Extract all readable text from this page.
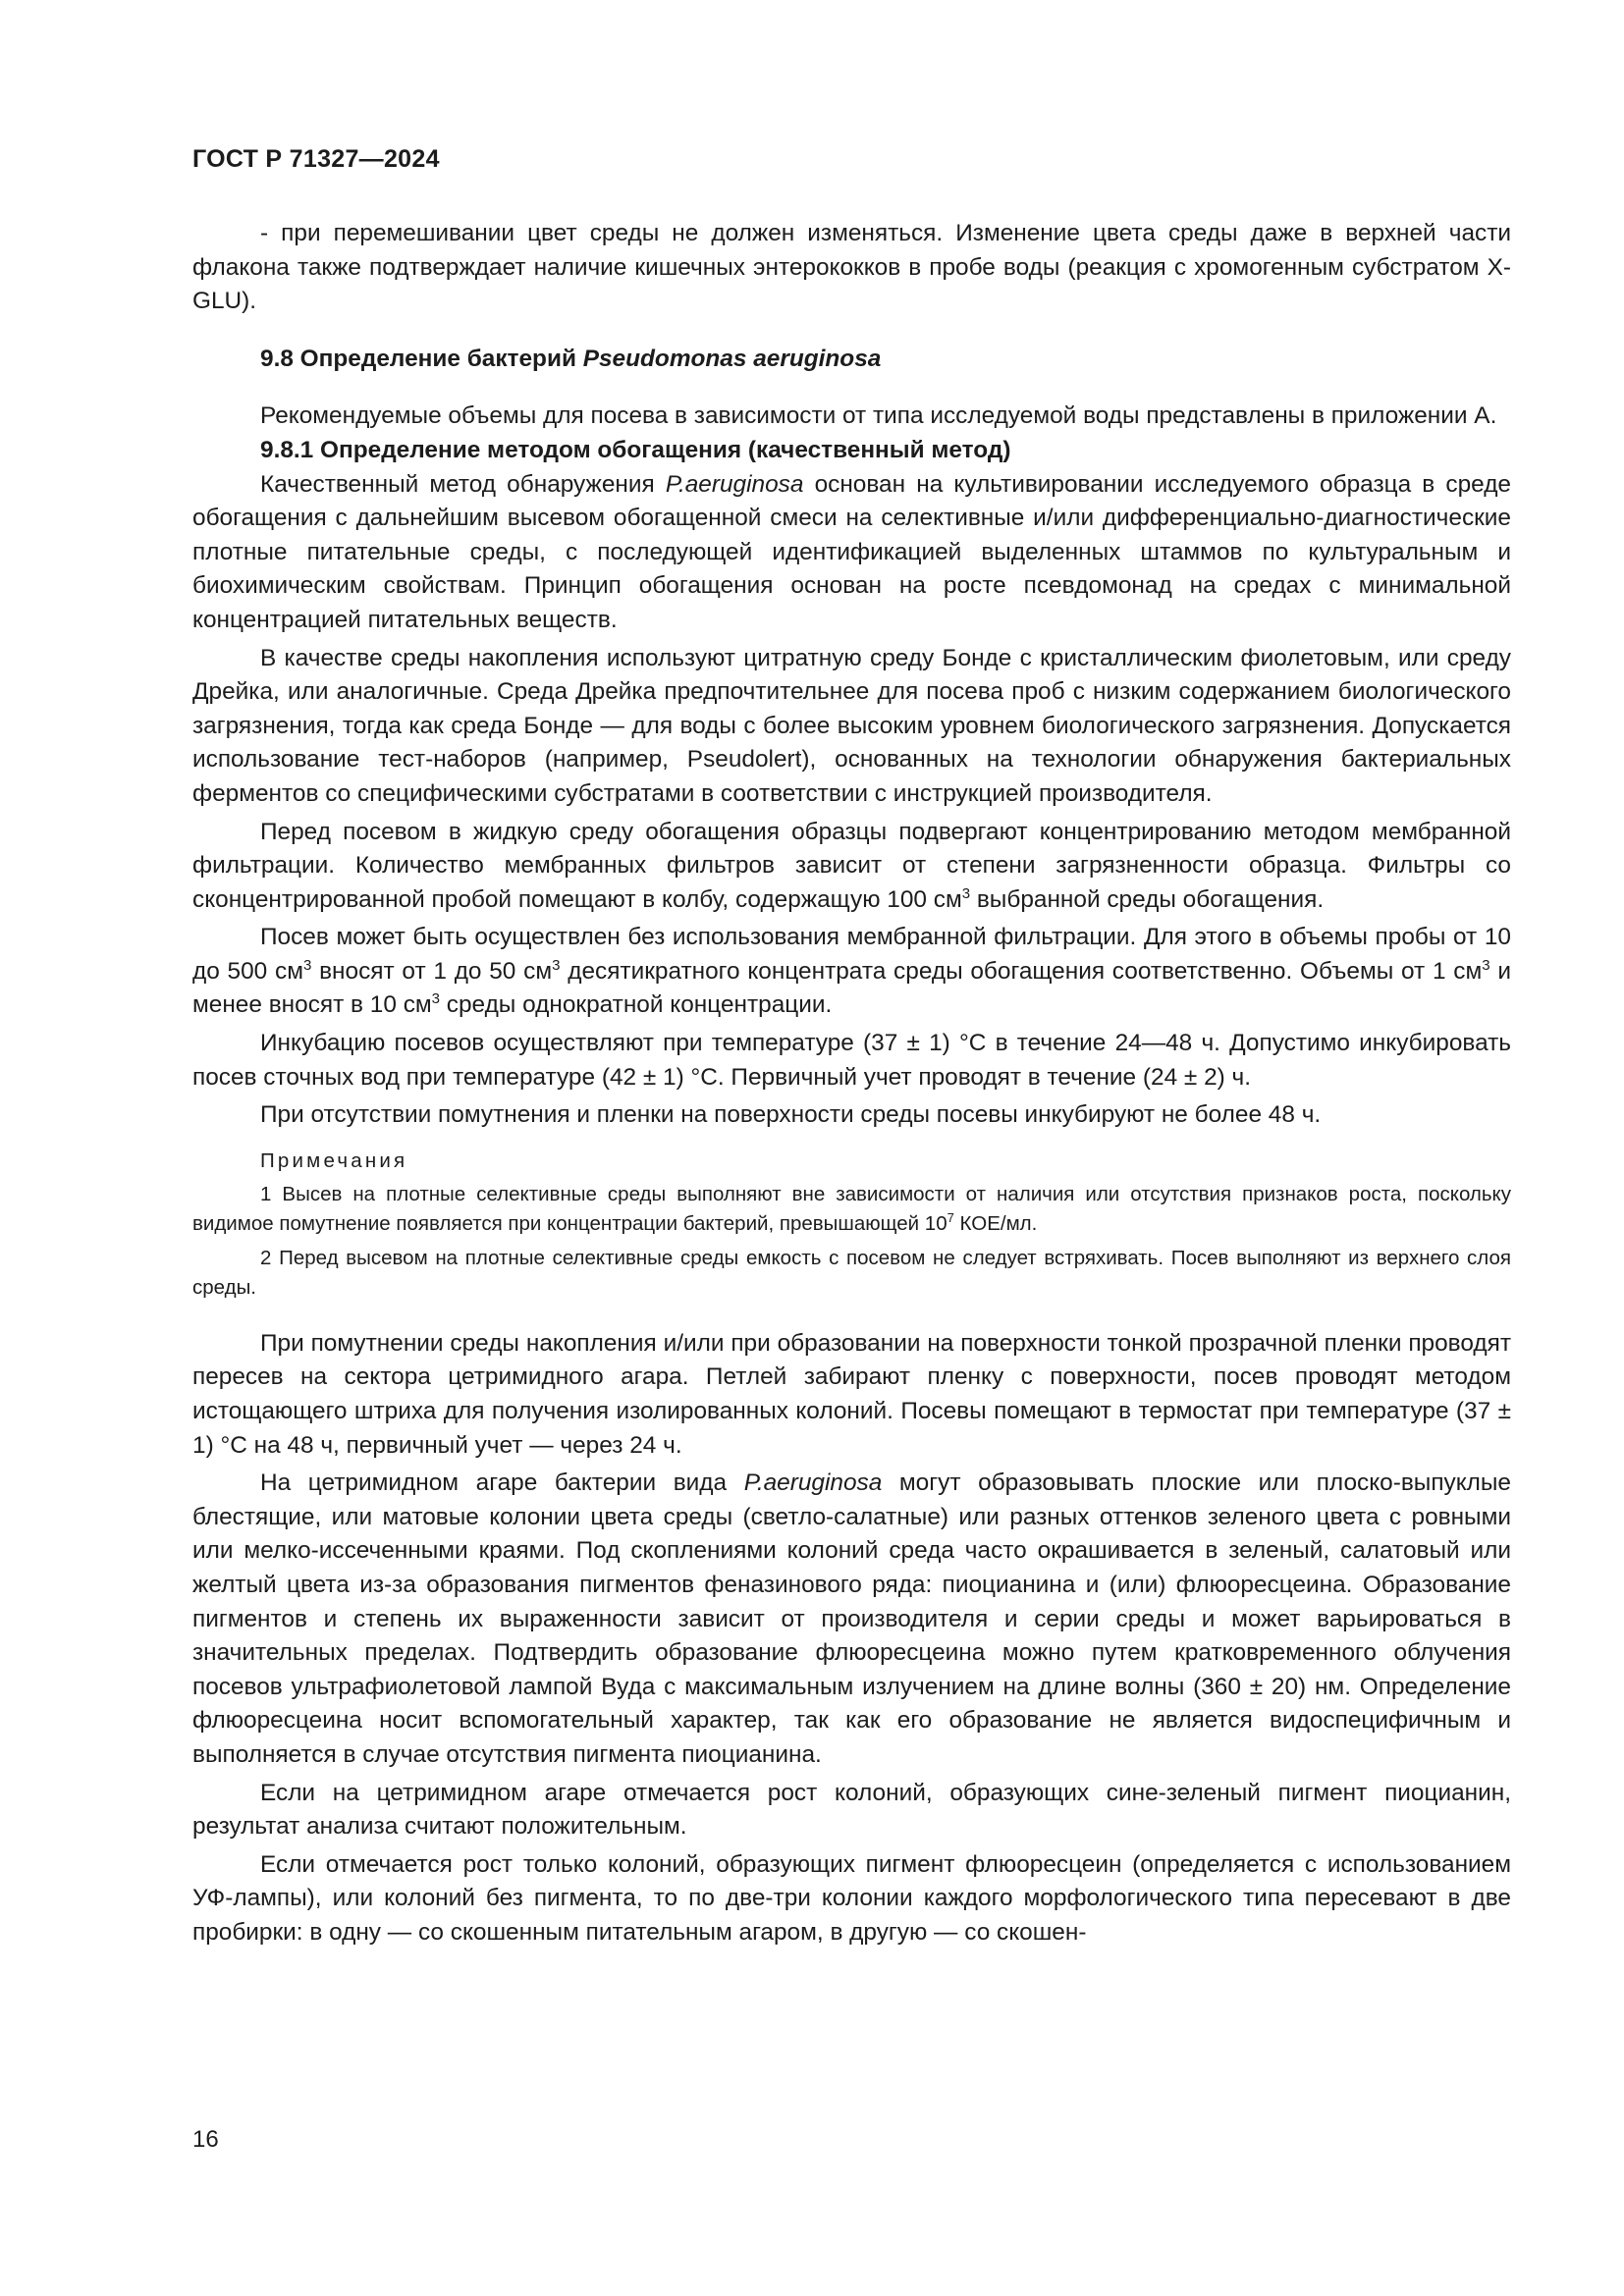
ГОСТ Р 71327—2024

- при перемешивании цвет среды не должен изменяться. Изменение цвета среды даже в верхней части флакона также подтверждает наличие кишечных энтерококков в пробе воды (реакция с хромогенным субстратом X-GLU).

9.8 Определение бактерий Pseudomonas aeruginosa

Рекомендуемые объемы для посева в зависимости от типа исследуемой воды представлены в приложении А.

9.8.1 Определение методом обогащения (качественный метод)

Качественный метод обнаружения P.aeruginosa основан на культивировании исследуемого образца в среде обогащения с дальнейшим высевом обогащенной смеси на селективные и/или дифференциально-диагностические плотные питательные среды, с последующей идентификацией выделенных штаммов по культуральным и биохимическим свойствам. Принцип обогащения основан на росте псевдомонад на средах с минимальной концентрацией питательных веществ.

В качестве среды накопления используют цитратную среду Бонде с кристаллическим фиолетовым, или среду Дрейка, или аналогичные. Среда Дрейка предпочтительнее для посева проб с низким содержанием биологического загрязнения, тогда как среда Бонде — для воды с более высоким уровнем биологического загрязнения. Допускается использование тест-наборов (например, Pseudolert), основанных на технологии обнаружения бактериальных ферментов со специфическими субстратами в соответствии с инструкцией производителя.

Перед посевом в жидкую среду обогащения образцы подвергают концентрированию методом мембранной фильтрации. Количество мембранных фильтров зависит от степени загрязненности образца. Фильтры со сконцентрированной пробой помещают в колбу, содержащую 100 $см^3$ выбранной среды обогащения.

Посев может быть осуществлен без использования мембранной фильтрации. Для этого в объемы пробы от 10 до 500 $см^3$ вносят от 1 до 50 $см^3$ десятикратного концентрата среды обогащения соответственно. Объемы от 1 $см^3$ и менее вносят в 10 $см^3$ среды однократной концентрации.

Инкубацию посевов осуществляют при температуре (37 ± 1) °С в течение 24—48 ч. Допустимо инкубировать посев сточных вод при температуре (42 ± 1) °С. Первичный учет проводят в течение (24 ± 2) ч.

При отсутствии помутнения и пленки на поверхности среды посевы инкубируют не более 48 ч.

Примечания

1 Высев на плотные селективные среды выполняют вне зависимости от наличия или отсутствия признаков роста, поскольку видимое помутнение появляется при концентрации бактерий, превышающей $10^7$ КОЕ/мл.

2 Перед высевом на плотные селективные среды емкость с посевом не следует встряхивать. Посев выполняют из верхнего слоя среды.

При помутнении среды накопления и/или при образовании на поверхности тонкой прозрачной пленки проводят пересев на сектора цетримидного агара. Петлей забирают пленку с поверхности, посев проводят методом истощающего штриха для получения изолированных колоний. Посевы помещают в термостат при температуре (37 ± 1) °С на 48 ч, первичный учет — через 24 ч.

На цетримидном агаре бактерии вида P.aeruginosa могут образовывать плоские или плоско-выпуклые блестящие, или матовые колонии цвета среды (светло-салатные) или разных оттенков зеленого цвета с ровными или мелко-иссеченными краями. Под скоплениями колоний среда часто окрашивается в зеленый, салатовый или желтый цвета из-за образования пигментов феназинового ряда: пиоцианина и (или) флюоресцеина. Образование пигментов и степень их выраженности зависит от производителя и серии среды и может варьироваться в значительных пределах. Подтвердить образование флюоресцеина можно путем кратковременного облучения посевов ультрафиолетовой лампой Вуда с максимальным излучением на длине волны (360 ± 20) нм. Определение флюоресцеина носит вспомогательный характер, так как его образование не является видоспецифичным и выполняется в случае отсутствия пигмента пиоцианина.

Если на цетримидном агаре отмечается рост колоний, образующих сине-зеленый пигмент пиоцианин, результат анализа считают положительным.

Если отмечается рост только колоний, образующих пигмент флюоресцеин (определяется с использованием УФ-лампы), или колоний без пигмента, то по две-три колонии каждого морфологического типа пересевают в две пробирки: в одну — со скошенным питательным агаром, в другую — со скошен-

16
